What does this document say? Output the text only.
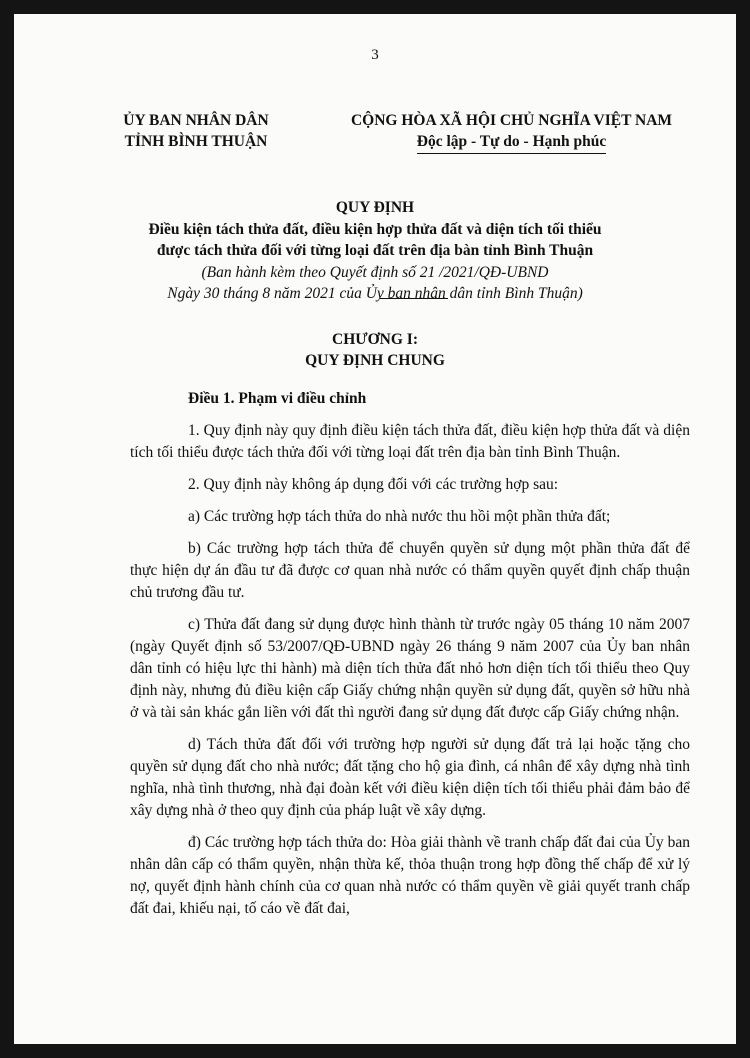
3
ỦY BAN NHÂN DÂN
TỈNH BÌNH THUẬN
CỘNG HÒA XÃ HỘI CHỦ NGHĨA VIỆT NAM
Độc lập - Tự do - Hạnh phúc
QUY ĐỊNH
Điều kiện tách thửa đất, điều kiện hợp thửa đất và diện tích tối thiểu
được tách thửa đối với từng loại đất trên địa bàn tỉnh Bình Thuận
(Ban hành kèm theo Quyết định số 21 /2021/QĐ-UBND
Ngày 30 tháng 8 năm 2021 của Ủy ban nhân dân tỉnh Bình Thuận)
CHƯƠNG I:
QUY ĐỊNH CHUNG

Điều 1. Phạm vi điều chỉnh

1. Quy định này quy định điều kiện tách thửa đất, điều kiện hợp thửa đất và diện tích tối thiểu được tách thửa đối với từng loại đất trên địa bàn tỉnh Bình Thuận.

2. Quy định này không áp dụng đối với các trường hợp sau:

a) Các trường hợp tách thửa do nhà nước thu hồi một phần thửa đất;

b) Các trường hợp tách thửa để chuyển quyền sử dụng một phần thửa đất để thực hiện dự án đầu tư đã được cơ quan nhà nước có thẩm quyền quyết định chấp thuận chủ trương đầu tư.

c) Thửa đất đang sử dụng được hình thành từ trước ngày 05 tháng 10 năm 2007 (ngày Quyết định số 53/2007/QĐ-UBND ngày 26 tháng 9 năm 2007 của Ủy ban nhân dân tỉnh có hiệu lực thi hành) mà diện tích thửa đất nhỏ hơn diện tích tối thiểu theo Quy định này, nhưng đủ điều kiện cấp Giấy chứng nhận quyền sử dụng đất, quyền sở hữu nhà ở và tài sản khác gắn liền với đất thì người đang sử dụng đất được cấp Giấy chứng nhận.

d) Tách thửa đất đối với trường hợp người sử dụng đất trả lại hoặc tặng cho quyền sử dụng đất cho nhà nước; đất tặng cho hộ gia đình, cá nhân để xây dựng nhà tình nghĩa, nhà tình thương, nhà đại đoàn kết với điều kiện diện tích tối thiểu phải đảm bảo để xây dựng nhà ở theo quy định của pháp luật về xây dựng.

đ) Các trường hợp tách thửa do: Hòa giải thành về tranh chấp đất đai của Ủy ban nhân dân cấp có thẩm quyền, nhận thừa kế, thỏa thuận trong hợp đồng thế chấp để xử lý nợ, quyết định hành chính của cơ quan nhà nước có thẩm quyền về giải quyết tranh chấp đất đai, khiếu nại, tố cáo về đất đai,
